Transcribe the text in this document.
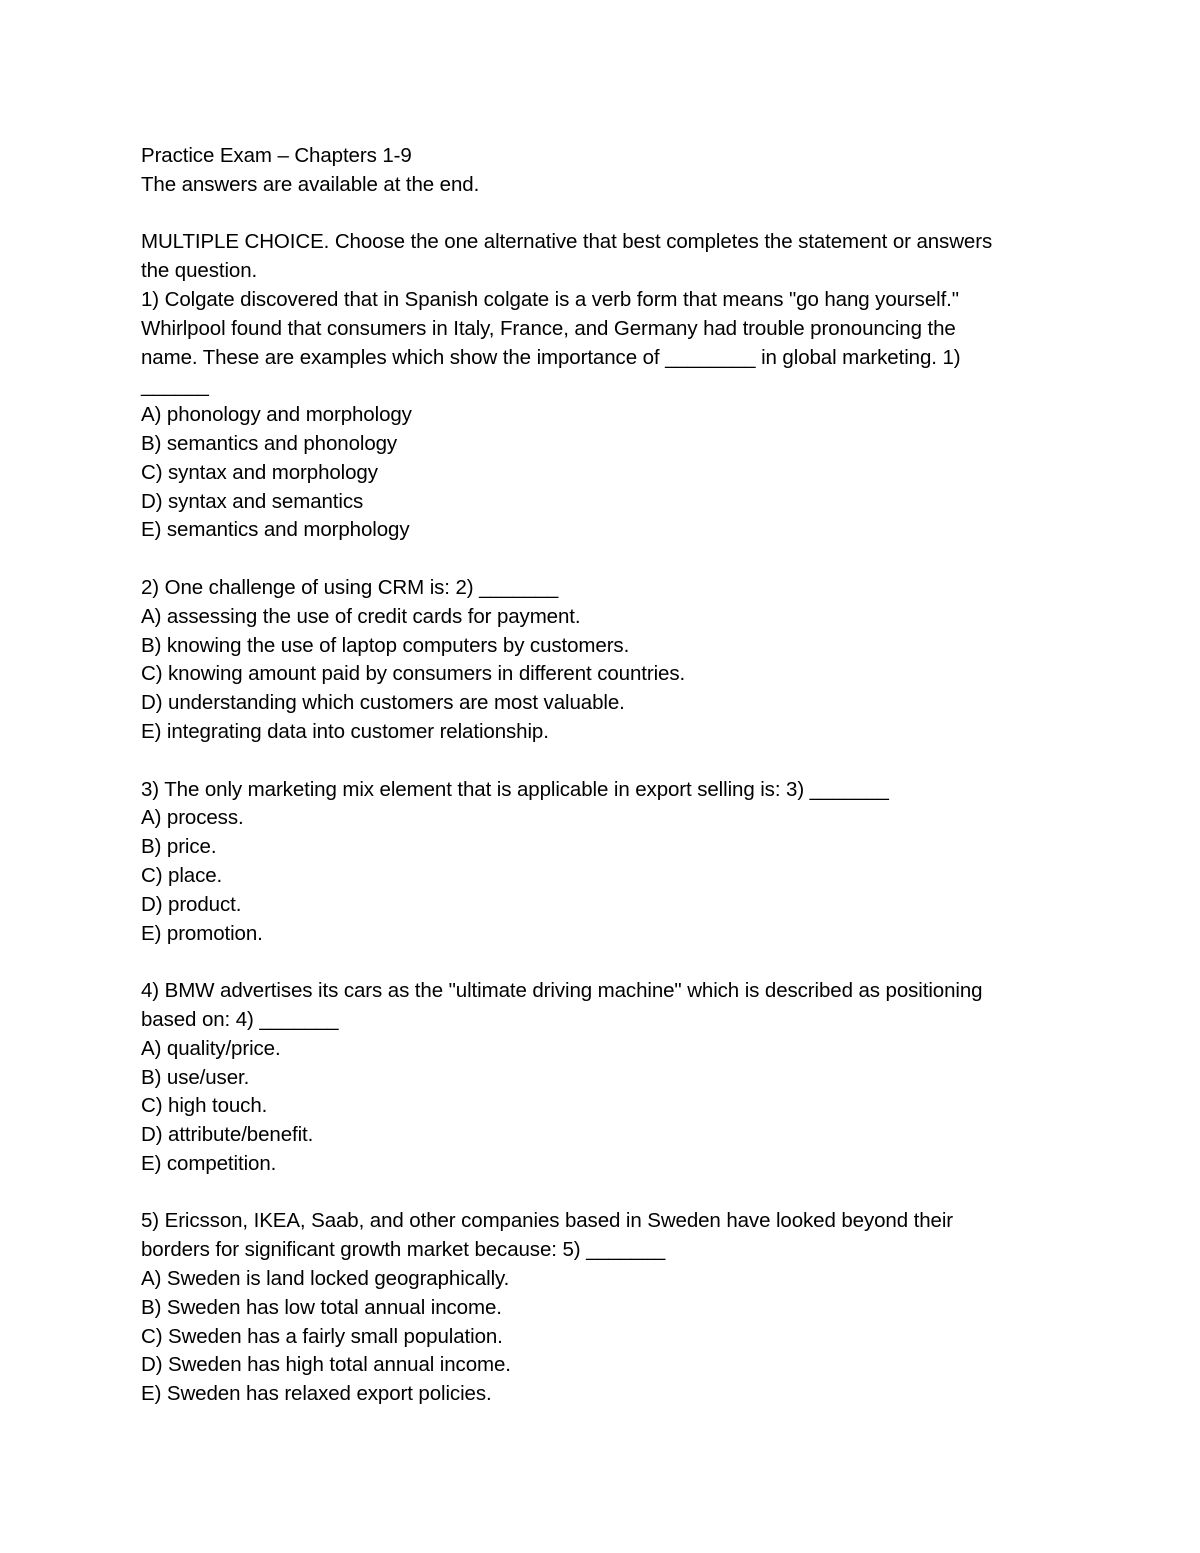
Practice Exam – Chapters 1-9
The answers are available at the end.
MULTIPLE CHOICE. Choose the one alternative that best completes the statement or answers
the question.
1) Colgate discovered that in Spanish colgate is a verb form that means "go hang yourself."
Whirlpool found that consumers in Italy, France, and Germany had trouble pronouncing the
name. These are examples which show the importance of ________ in global marketing. 1)
______
A) phonology and morphology
B) semantics and phonology
C) syntax and morphology
D) syntax and semantics
E) semantics and morphology
2) One challenge of using CRM is: 2) _______
A) assessing the use of credit cards for payment.
B) knowing the use of laptop computers by customers.
C) knowing amount paid by consumers in different countries.
D) understanding which customers are most valuable.
E) integrating data into customer relationship.
3) The only marketing mix element that is applicable in export selling is: 3) _______
A) process.
B) price.
C) place.
D) product.
E) promotion.
4) BMW advertises its cars as the "ultimate driving machine" which is described as positioning
based on: 4) _______
A) quality/price.
B) use/user.
C) high touch.
D) attribute/benefit.
E) competition.
5) Ericsson, IKEA, Saab, and other companies based in Sweden have looked beyond their
borders for significant growth market because: 5) _______
A) Sweden is land locked geographically.
B) Sweden has low total annual income.
C) Sweden has a fairly small population.
D) Sweden has high total annual income.
E) Sweden has relaxed export policies.
